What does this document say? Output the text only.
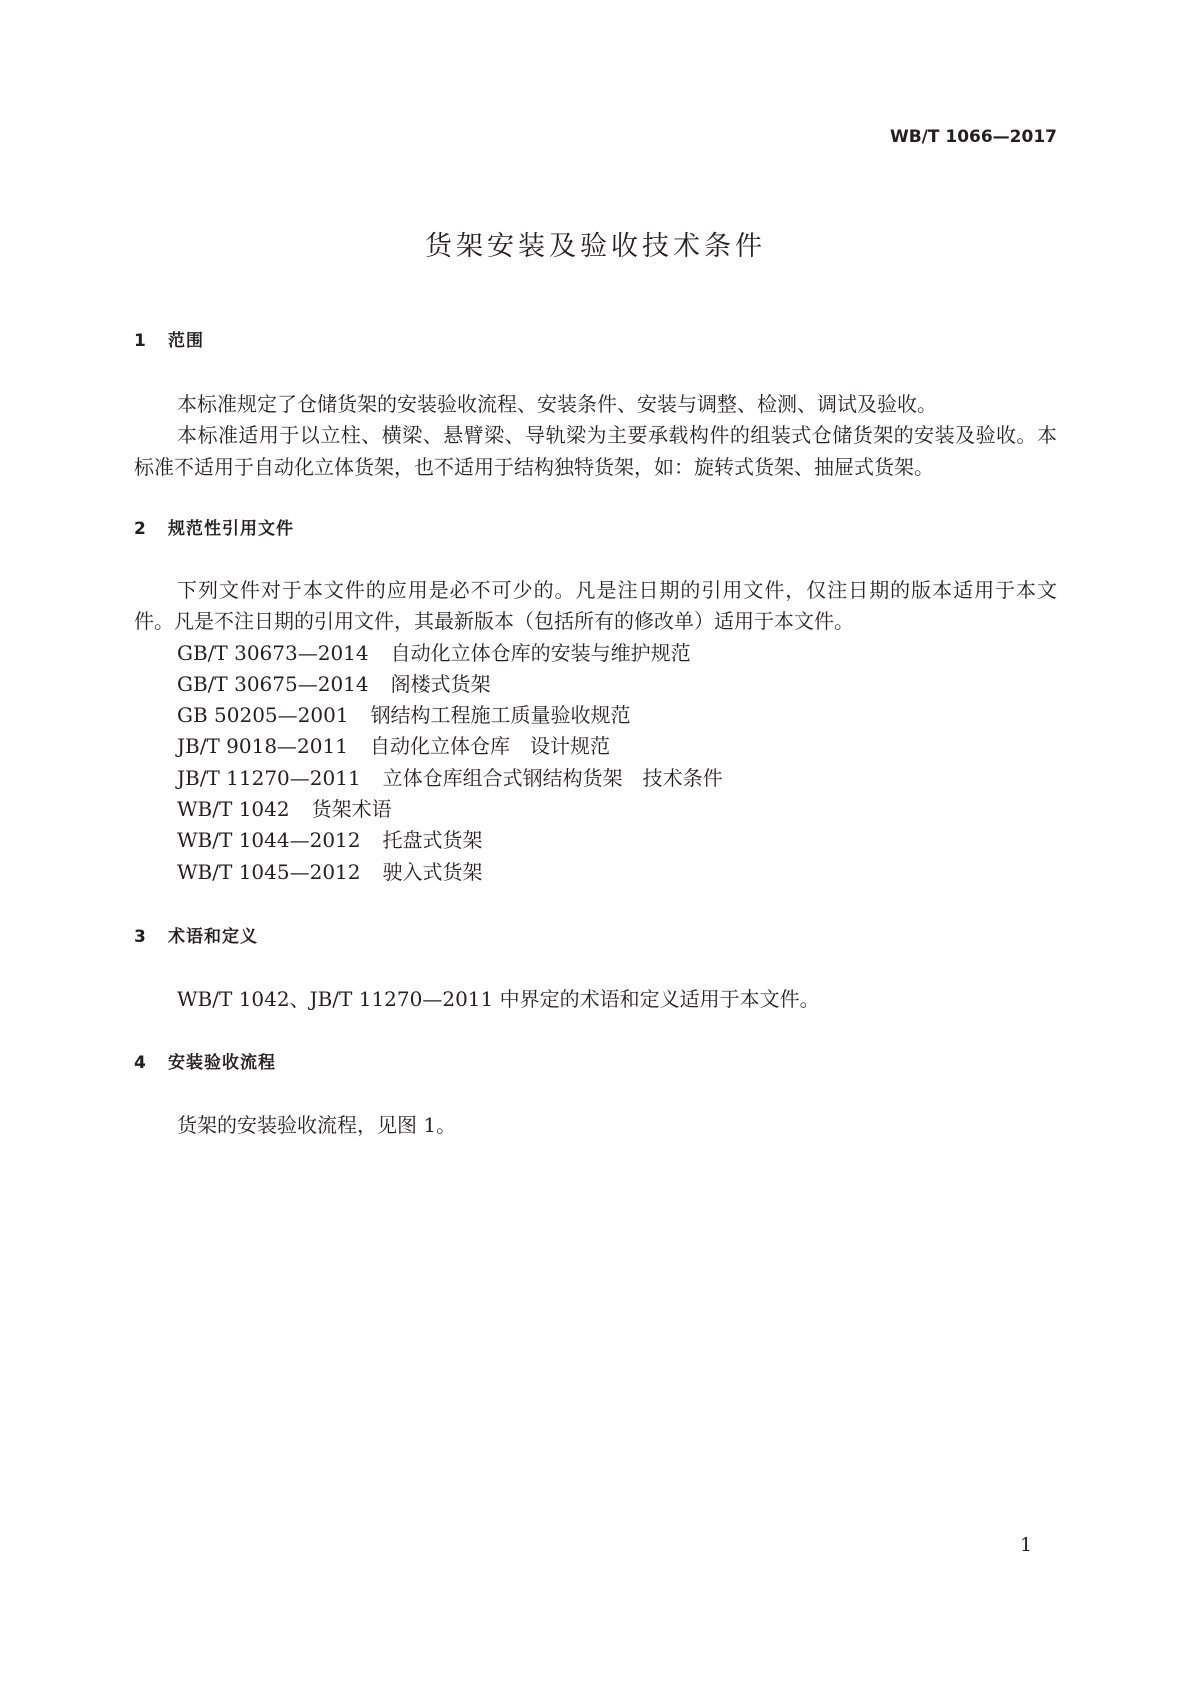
WB/T 1066—2017
货架安装及验收技术条件
1 范围
本标准规定了仓储货架的安装验收流程、安装条件、安装与调整、检测、调试及验收。
本标准适用于以立柱、横梁、悬臂梁、导轨梁为主要承载构件的组装式仓储货架的安装及验收。本
标准不适用于自动化立体货架，也不适用于结构独特货架，如：旋转式货架、抽屉式货架。
2 规范性引用文件
下列文件对于本文件的应用是必不可少的。凡是注日期的引用文件，仅注日期的版本适用于本文
件。凡是不注日期的引用文件，其最新版本（包括所有的修改单）适用于本文件。
GB/T 30673—2014 自动化立体仓库的安装与维护规范
GB/T 30675—2014 阁楼式货架
GB 50205—2001 钢结构工程施工质量验收规范
JB/T 9018—2011 自动化立体仓库　设计规范
JB/T 11270—2011 立体仓库组合式钢结构货架　技术条件
WB/T 1042 货架术语
WB/T 1044—2012 托盘式货架
WB/T 1045—2012 驶入式货架
3 术语和定义
WB/T 1042、JB/T 11270—2011 中界定的术语和定义适用于本文件。
4 安装验收流程
货架的安装验收流程，见图 1。
1
